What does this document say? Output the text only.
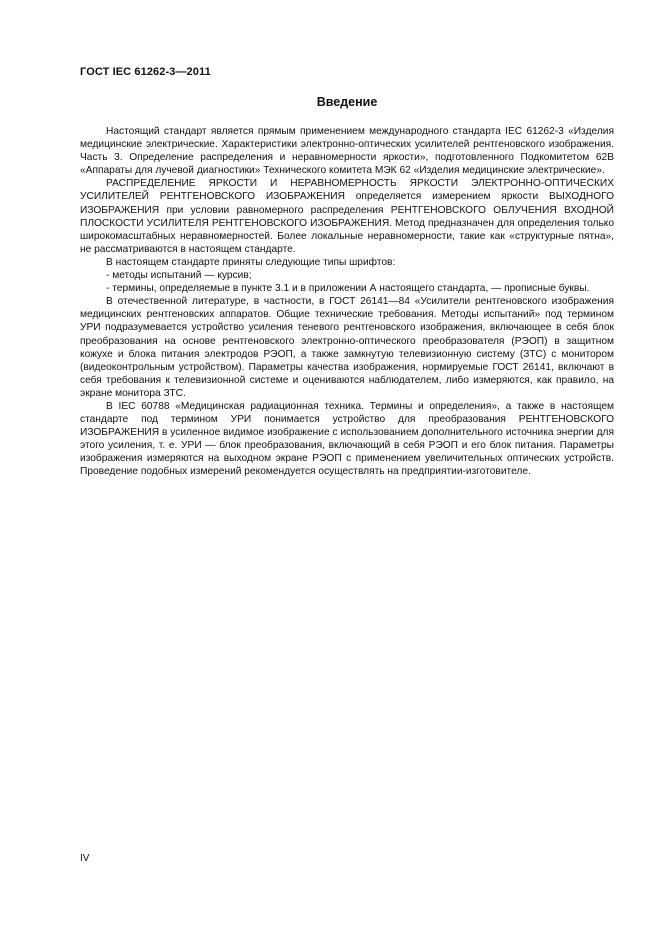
ГОСТ IEC 61262-3—2011
Введение

Настоящий стандарт является прямым применением международного стандарта IEC 61262-3 «Изделия медицинские электрические. Характеристики электронно-оптических усилителей рентгеновского изображения. Часть 3. Определение распределения и неравномерности яркости», подготовленного Подкомитетом 62В «Аппараты для лучевой диагностики» Технического комитета МЭК 62 «Изделия медицинские электрические».

РАСПРЕДЕЛЕНИЕ ЯРКОСТИ И НЕРАВНОМЕРНОСТЬ ЯРКОСТИ ЭЛЕКТРОННО-ОПТИЧЕСКИХ УСИЛИТЕЛЕЙ РЕНТГЕНОВСКОГО ИЗОБРАЖЕНИЯ определяется измерением яркости ВЫХОДНОГО ИЗОБРАЖЕНИЯ при условии равномерного распределения РЕНТГЕНОВСКОГО ОБЛУЧЕНИЯ ВХОДНОЙ ПЛОСКОСТИ УСИЛИТЕЛЯ РЕНТГЕНОВСКОГО ИЗОБРАЖЕНИЯ. Метод предназначен для определения только широкомасштабных неравномерностей. Более локальные неравномерности, такие как «структурные пятна», не рассматриваются в настоящем стандарте.

В настоящем стандарте приняты следующие типы шрифтов:

- методы испытаний — курсив;

- термины, определяемые в пункте 3.1 и в приложении А настоящего стандарта, — прописные буквы.

В отечественной литературе, в частности, в ГОСТ 26141—84 «Усилители рентгеновского изображения медицинских рентгеновских аппаратов. Общие технические требования. Методы испытаний» под термином УРИ подразумевается устройство усиления теневого рентгеновского изображения, включающее в себя блок преобразования на основе рентгеновского электронно-оптического преобразователя (РЭОП) в защитном кожухе и блока питания электродов РЭОП, а также замкнутую телевизионную систему (ЗТС) с монитором (видеоконтрольным устройством). Параметры качества изображения, нормируемые ГОСТ 26141, включают в себя требования к телевизионной системе и оцениваются наблюдателем, либо измеряются, как правило, на экране монитора ЗТС.

В IEC 60788 «Медицинская радиационная техника. Термины и определения», а также в настоящем стандарте под термином УРИ понимается устройство для преобразования РЕНТГЕНОВСКОГО ИЗОБРАЖЕНИЯ в усиленное видимое изображение с использованием дополнительного источника энергии для этого усиления, т. е. УРИ — блок преобразования, включающий в себя РЭОП и его блок питания. Параметры изображения измеряются на выходном экране РЭОП с применением увеличительных оптических устройств. Проведение подобных измерений рекомендуется осуществлять на предприятии-изготовителе.

IV
